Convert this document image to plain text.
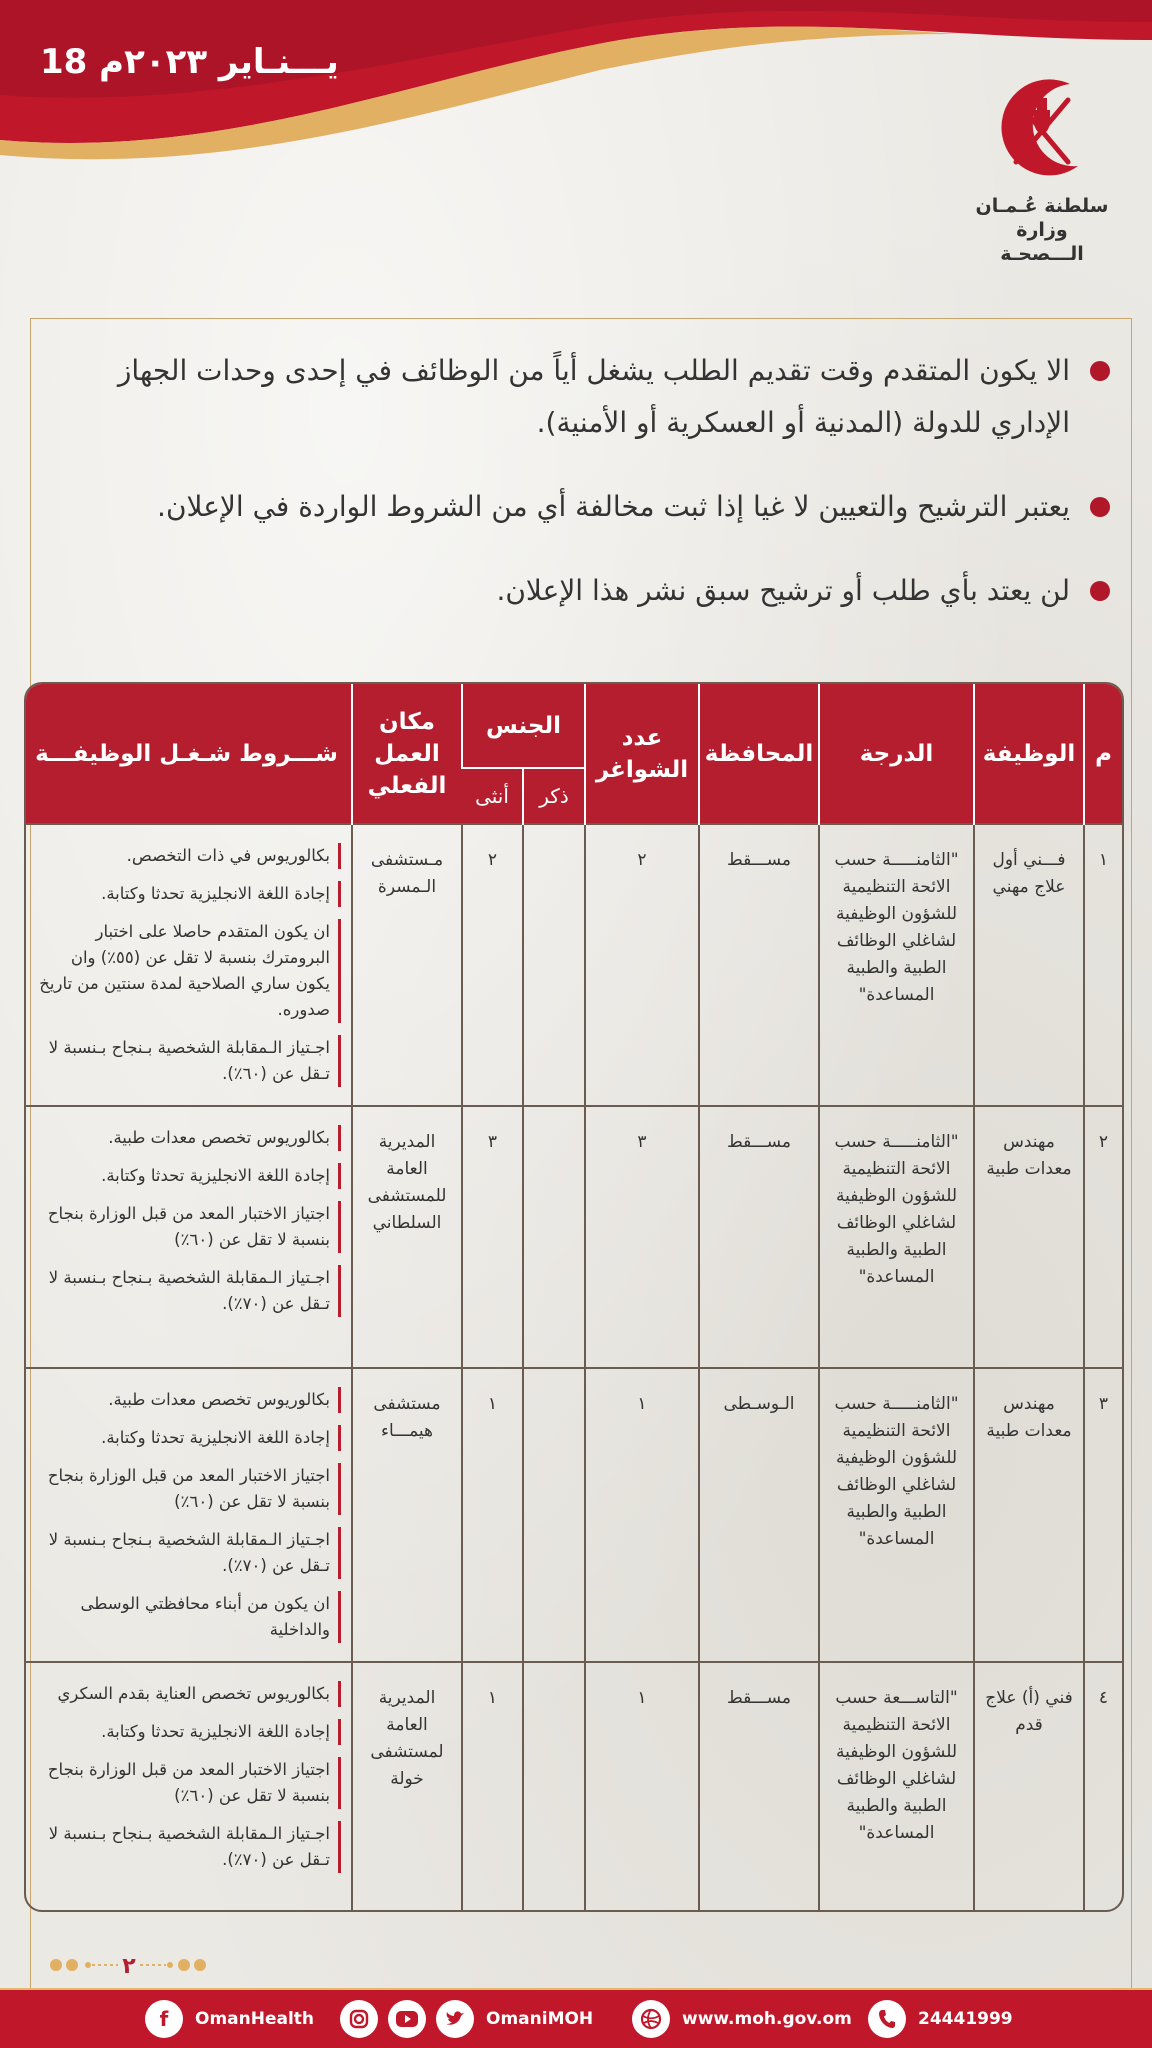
18 يـــنـاير ٢٠٢٣م
سلطنة عُـمـان
وزارة الـــصحـة
الا يكون المتقدم وقت تقديم الطلب يشغل أياً من الوظائف في إحدى وحدات الجهاز الإداري للدولة (المدنية أو العسكرية أو الأمنية).
يعتبر الترشيح والتعيين لا غيا إذا ثبت مخالفة أي من الشروط الواردة في الإعلان.
لن يعتد بأي طلب أو ترشيح سبق نشر هذا الإعلان.
م	الوظيفة	الدرجة	المحافظة	عدد الشواغر	الجنس		مكان العمل الفعلي	شـــروط شـغـل الوظيفـــة
					ذكر	أنثى		
١	فـــني أول علاج مهني	"الثامنـــــة حسب الائحة التنظيمية للشؤون الوظيفية لشاغلي الوظائف الطبية والطبية المساعدة"	مســـقط	٢		٢	مـستشفى الـمسرة	بكالوريوس في ذات التخصص.
إجادة اللغة الانجليزية تحدثا وكتابة.
ان يكون المتقدم حاصلا على اختبار البرومترك بنسبة لا تقل عن (٥٥٪) وان يكون ساري الصلاحية لمدة سنتين من تاريخ صدوره.
اجـتياز الـمقابلة الشخصية بـنجاح بـنسبة لا تـقل عن (٦٠٪).

٢	مهندس معدات طبية	"الثامنـــــة حسب الائحة التنظيمية للشؤون الوظيفية لشاغلي الوظائف الطبية والطبية المساعدة"	مســـقط	٣		٣	المديرية العامة للمستشفى السلطاني	بكالوريوس تخصص معدات طبية.
إجادة اللغة الانجليزية تحدثا وكتابة.
اجتياز الاختبار المعد من قبل الوزارة بنجاح بنسبة لا تقل عن (٦٠٪)
اجـتياز الـمقابلة الشخصية بـنجاح بـنسبة لا تـقل عن (٧٠٪).

٣	مهندس معدات طبية	"الثامنـــــة حسب الائحة التنظيمية للشؤون الوظيفية لشاغلي الوظائف الطبية والطبية المساعدة"	الـوسـطى	١		١	مستشفى هيمـــاء	بكالوريوس تخصص معدات طبية.
إجادة اللغة الانجليزية تحدثا وكتابة.
اجتياز الاختبار المعد من قبل الوزارة بنجاح بنسبة لا تقل عن (٦٠٪)
اجـتياز الـمقابلة الشخصية بـنجاح بـنسبة لا تـقل عن (٧٠٪).
ان يكون من أبناء محافظتي الوسطى والداخلية

٤	فني (أ) علاج قدم	"التاســـعة حسب الائحة التنظيمية للشؤون الوظيفية لشاغلي الوظائف الطبية والطبية المساعدة"	مســـقط	١		١	المديرية العامة لمستشفى خولة	بكالوريوس تخصص العناية بقدم السكري
إجادة اللغة الانجليزية تحدثا وكتابة.
اجتياز الاختبار المعد من قبل الوزارة بنجاح بنسبة لا تقل عن (٦٠٪)
اجـتياز الـمقابلة الشخصية بـنجاح بـنسبة لا تـقل عن (٧٠٪).
٢
f	OmanHealth	OmaniMOH	www.moh.gov.om	24441999
